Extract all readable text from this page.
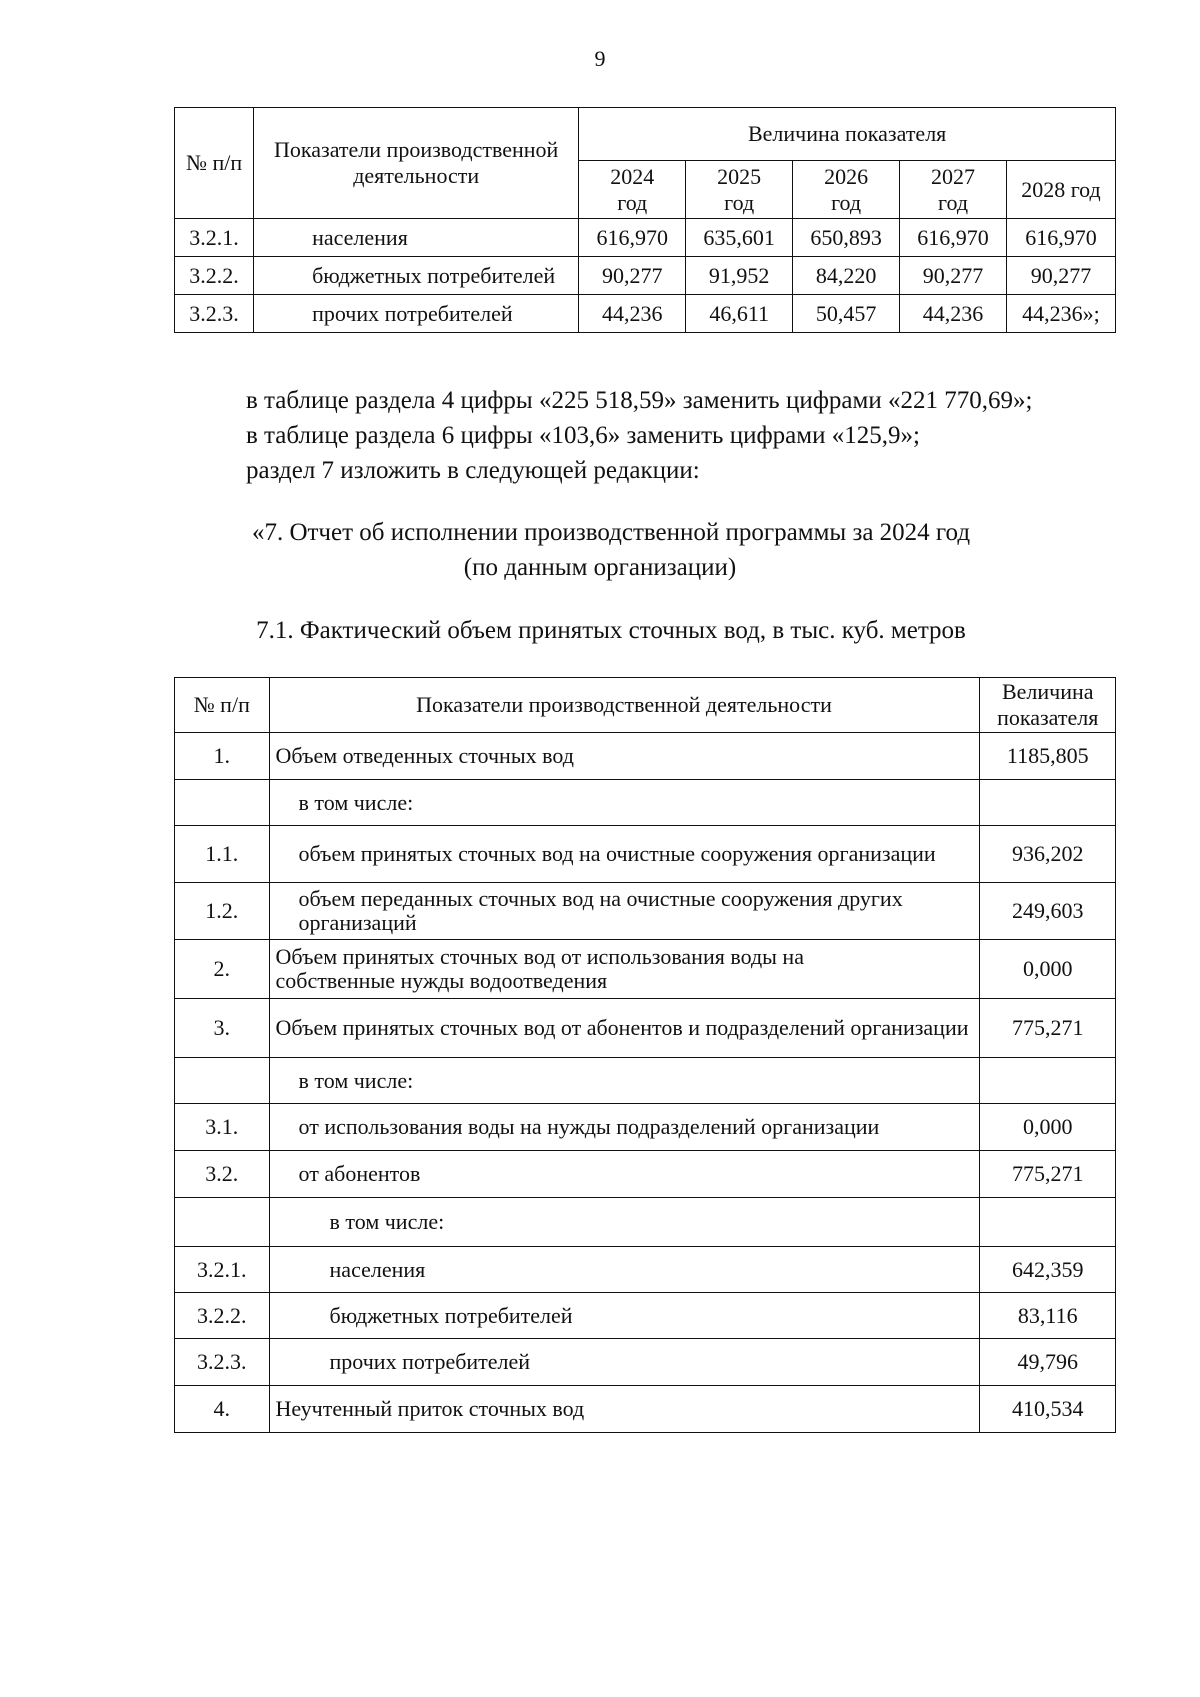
9
№ п/п	Показатели производственной деятельности	Величина показателя				
		2024 год	2025 год	2026 год	2027 год	2028 год
3.2.1.	населения	616,970	635,601	650,893	616,970	616,970
3.2.2.	бюджетных потребителей	90,277	91,952	84,220	90,277	90,277
3.2.3.	прочих потребителей	44,236	46,611	50,457	44,236	44,236»;
в таблице раздела 4 цифры «225 518,59» заменить цифрами «221 770,69»;
в таблице раздела 6 цифры «103,6» заменить цифрами «125,9»;
раздел 7 изложить в следующей редакции:
«7. Отчет об исполнении производственной программы за 2024 год
(по данным организации)
7.1. Фактический объем принятых сточных вод, в тыс. куб. метров
№ п/п	Показатели производственной деятельности	Величина показателя
1.	Объем отведенных сточных вод	1185,805
	в том числе:	
1.1.	объем принятых сточных вод на очистные сооружения организации	936,202
1.2.	объем переданных сточных вод на очистные сооружения других организаций	249,603
2.	Объем принятых сточных вод от использования воды на собственные нужды водоотведения	0,000
3.	Объем принятых сточных вод от абонентов и подразделений организации	775,271
	в том числе:	
3.1.	от использования воды на нужды подразделений организации	0,000
3.2.	от абонентов	775,271
	в том числе:	
3.2.1.	населения	642,359
3.2.2.	бюджетных потребителей	83,116
3.2.3.	прочих потребителей	49,796
4.	Неучтенный приток сточных вод	410,534
